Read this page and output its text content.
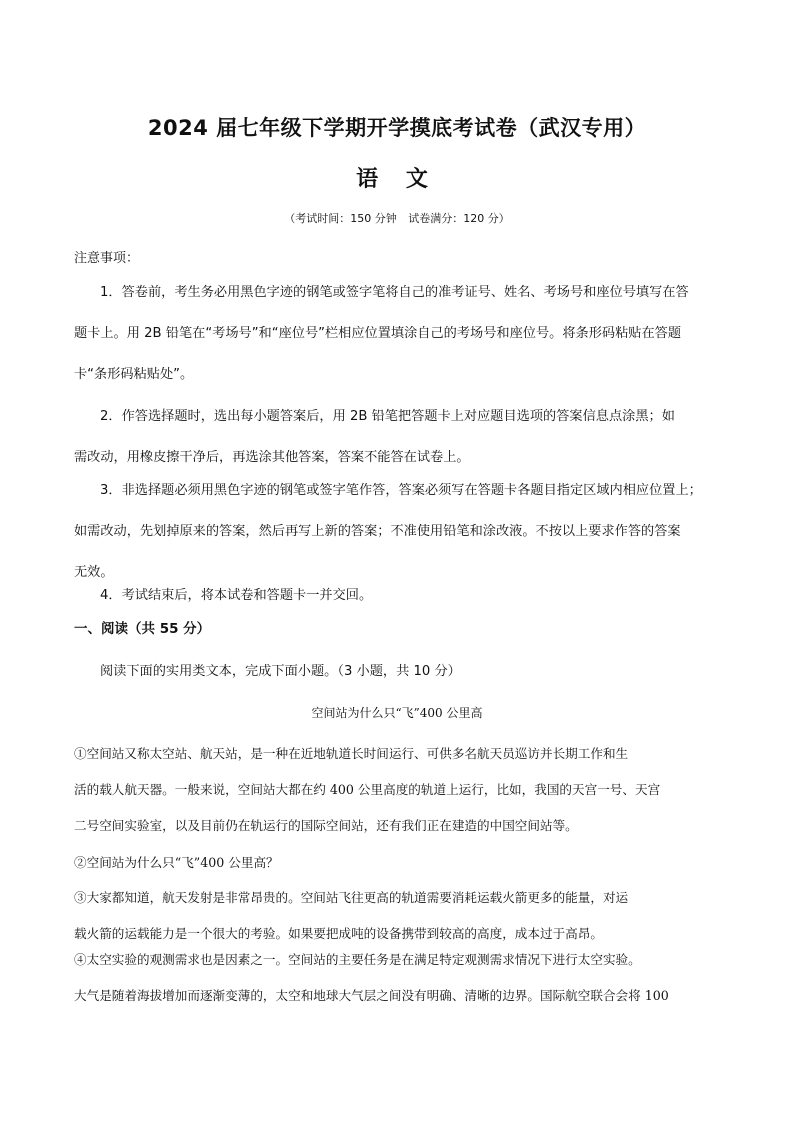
2024 届七年级下学期开学摸底考试卷（武汉专用）
语 文
（考试时间：150 分钟 试卷满分：120 分）
注意事项：
1．答卷前，考生务必用黑色字迹的钢笔或签字笔将自己的准考证号、姓名、考场号和座位号填写在答
题卡上。用 2B 铅笔在“考场号”和“座位号”栏相应位置填涂自己的考场号和座位号。将条形码粘贴在答题
卡“条形码粘贴处”。
2．作答选择题时，选出每小题答案后，用 2B 铅笔把答题卡上对应题目选项的答案信息点涂黑；如
需改动，用橡皮擦干净后，再选涂其他答案，答案不能答在试卷上。
3．非选择题必须用黑色字迹的钢笔或签字笔作答，答案必须写在答题卡各题目指定区域内相应位置上；
如需改动，先划掉原来的答案，然后再写上新的答案；不准使用铅笔和涂改液。不按以上要求作答的答案
无效。
4．考试结束后，将本试卷和答题卡一并交回。
一、阅读（共 55 分）
阅读下面的实用类文本，完成下面小题。（3 小题，共 10 分）
空间站为什么只“飞”400 公里高
①空间站又称太空站、航天站，是一种在近地轨道长时间运行、可供多名航天员巡访并长期工作和生
活的载人航天器。一般来说，空间站大都在约 400 公里高度的轨道上运行，比如，我国的天宫一号、天宫
二号空间实验室，以及目前仍在轨运行的国际空间站，还有我们正在建造的中国空间站等。
②空间站为什么只“飞”400 公里高？
③大家都知道，航天发射是非常昂贵的。空间站飞往更高的轨道需要消耗运载火箭更多的能量，对运
载火箭的运载能力是一个很大的考验。如果要把成吨的设备携带到较高的高度，成本过于高昂。
④太空实验的观测需求也是因素之一。空间站的主要任务是在满足特定观测需求情况下进行太空实验。
大气是随着海拔增加而逐渐变薄的，太空和地球大气层之间没有明确、清晰的边界。国际航空联合会将 100
